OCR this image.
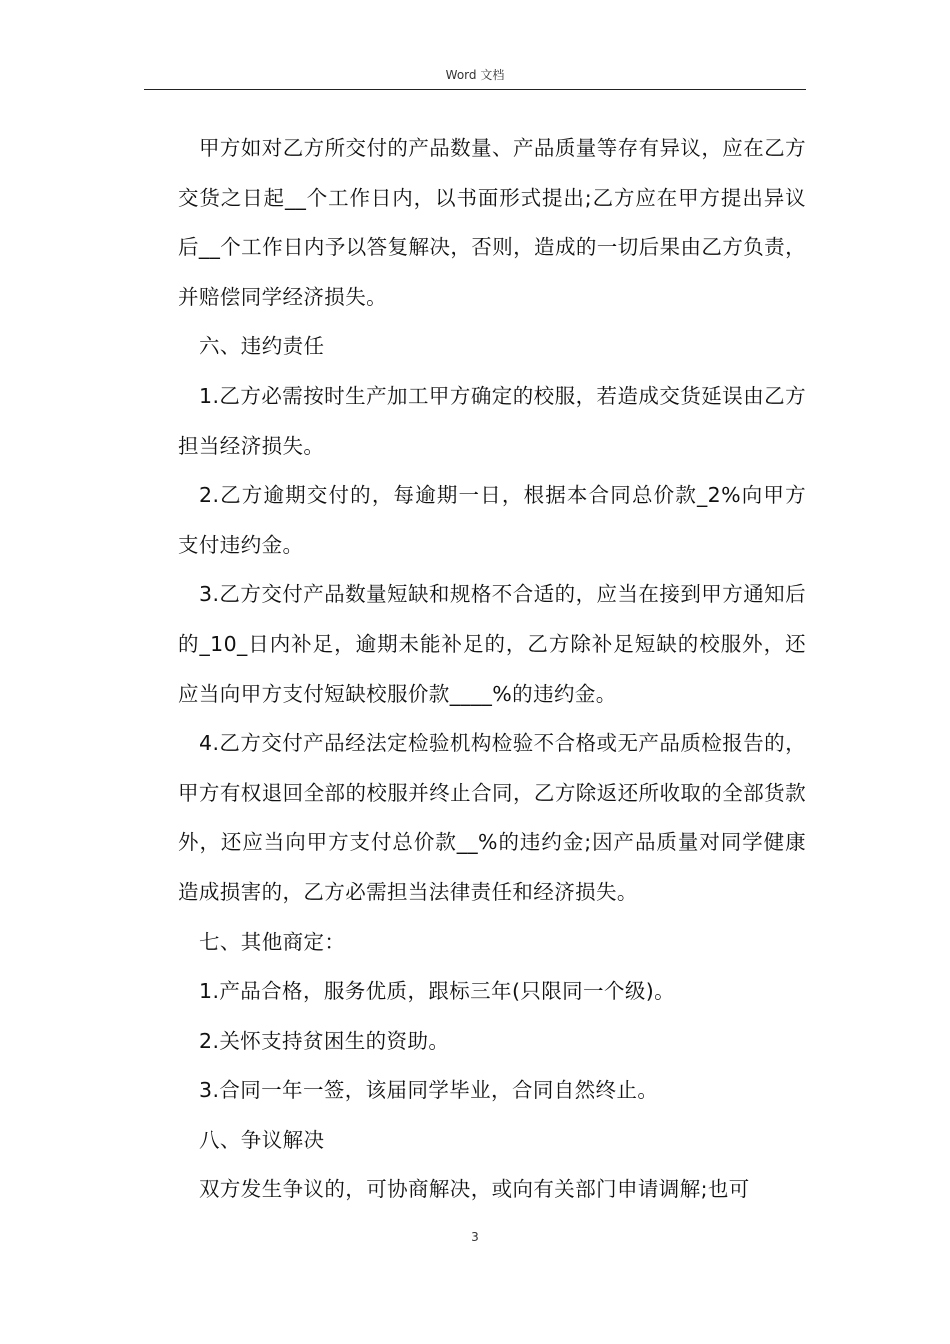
Word 文档

甲方如对乙方所交付的产品数量、产品质量等存有异议，应在乙方交货之日起__个工作日内，以书面形式提出;乙方应在甲方提出异议后__个工作日内予以答复解决，否则，造成的一切后果由乙方负责，并赔偿同学经济损失。

六、违约责任

1.乙方必需按时生产加工甲方确定的校服，若造成交货延误由乙方担当经济损失。

2.乙方逾期交付的，每逾期一日，根据本合同总价款_2%向甲方支付违约金。

3.乙方交付产品数量短缺和规格不合适的，应当在接到甲方通知后的_10_日内补足，逾期未能补足的，乙方除补足短缺的校服外，还应当向甲方支付短缺校服价款____%的违约金。

4.乙方交付产品经法定检验机构检验不合格或无产品质检报告的，甲方有权退回全部的校服并终止合同，乙方除返还所收取的全部货款外，还应当向甲方支付总价款__%的违约金;因产品质量对同学健康造成损害的，乙方必需担当法律责任和经济损失。

七、其他商定：

1.产品合格，服务优质，跟标三年(只限同一个级)。

2.关怀支持贫困生的资助。

3.合同一年一签，该届同学毕业，合同自然终止。

八、争议解决

双方发生争议的，可协商解决，或向有关部门申请调解;也可

3
